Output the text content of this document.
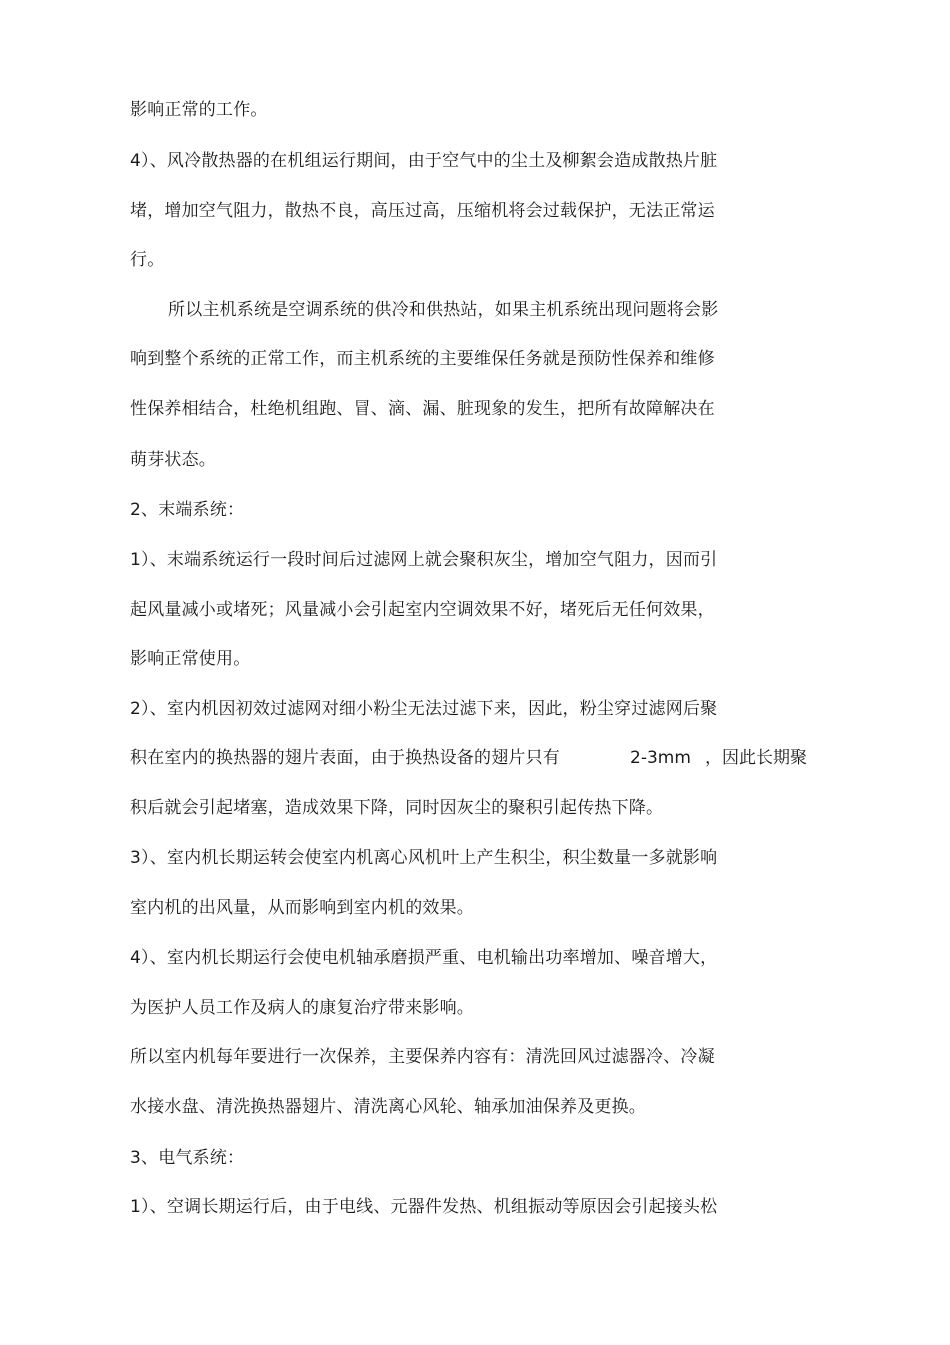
影响正常的工作。
4）、风冷散热器的在机组运行期间，由于空气中的尘土及柳絮会造成散热片脏
堵，增加空气阻力，散热不良，高压过高，压缩机将会过载保护，无法正常运
行。
所以主机系统是空调系统的供冷和供热站，如果主机系统出现问题将会影
响到整个系统的正常工作，而主机系统的主要维保任务就是预防性保养和维修
性保养相结合，杜绝机组跑、冒、滴、漏、脏现象的发生，把所有故障解决在
萌芽状态。
2、末端系统：
1）、末端系统运行一段时间后过滤网上就会聚积灰尘，增加空气阻力，因而引
起风量减小或堵死；风量减小会引起室内空调效果不好，堵死后无任何效果，
影响正常使用。
2）、室内机因初效过滤网对细小粉尘无法过滤下来，因此，粉尘穿过滤网后聚
积在室内的换热器的翅片表面，由于换热设备的翅片只有	2-3mm ，因此长期聚
积后就会引起堵塞，造成效果下降，同时因灰尘的聚积引起传热下降。
3）、室内机长期运转会使室内机离心风机叶上产生积尘，积尘数量一多就影响
室内机的出风量，从而影响到室内机的效果。
4）、室内机长期运行会使电机轴承磨损严重、电机输出功率增加、噪音增大，
为医护人员工作及病人的康复治疗带来影响。
所以室内机每年要进行一次保养，主要保养内容有：清洗回风过滤器冷、冷凝
水接水盘、清洗换热器翅片、清洗离心风轮、轴承加油保养及更换。
3、电气系统：
1）、空调长期运行后，由于电线、元器件发热、机组振动等原因会引起接头松
